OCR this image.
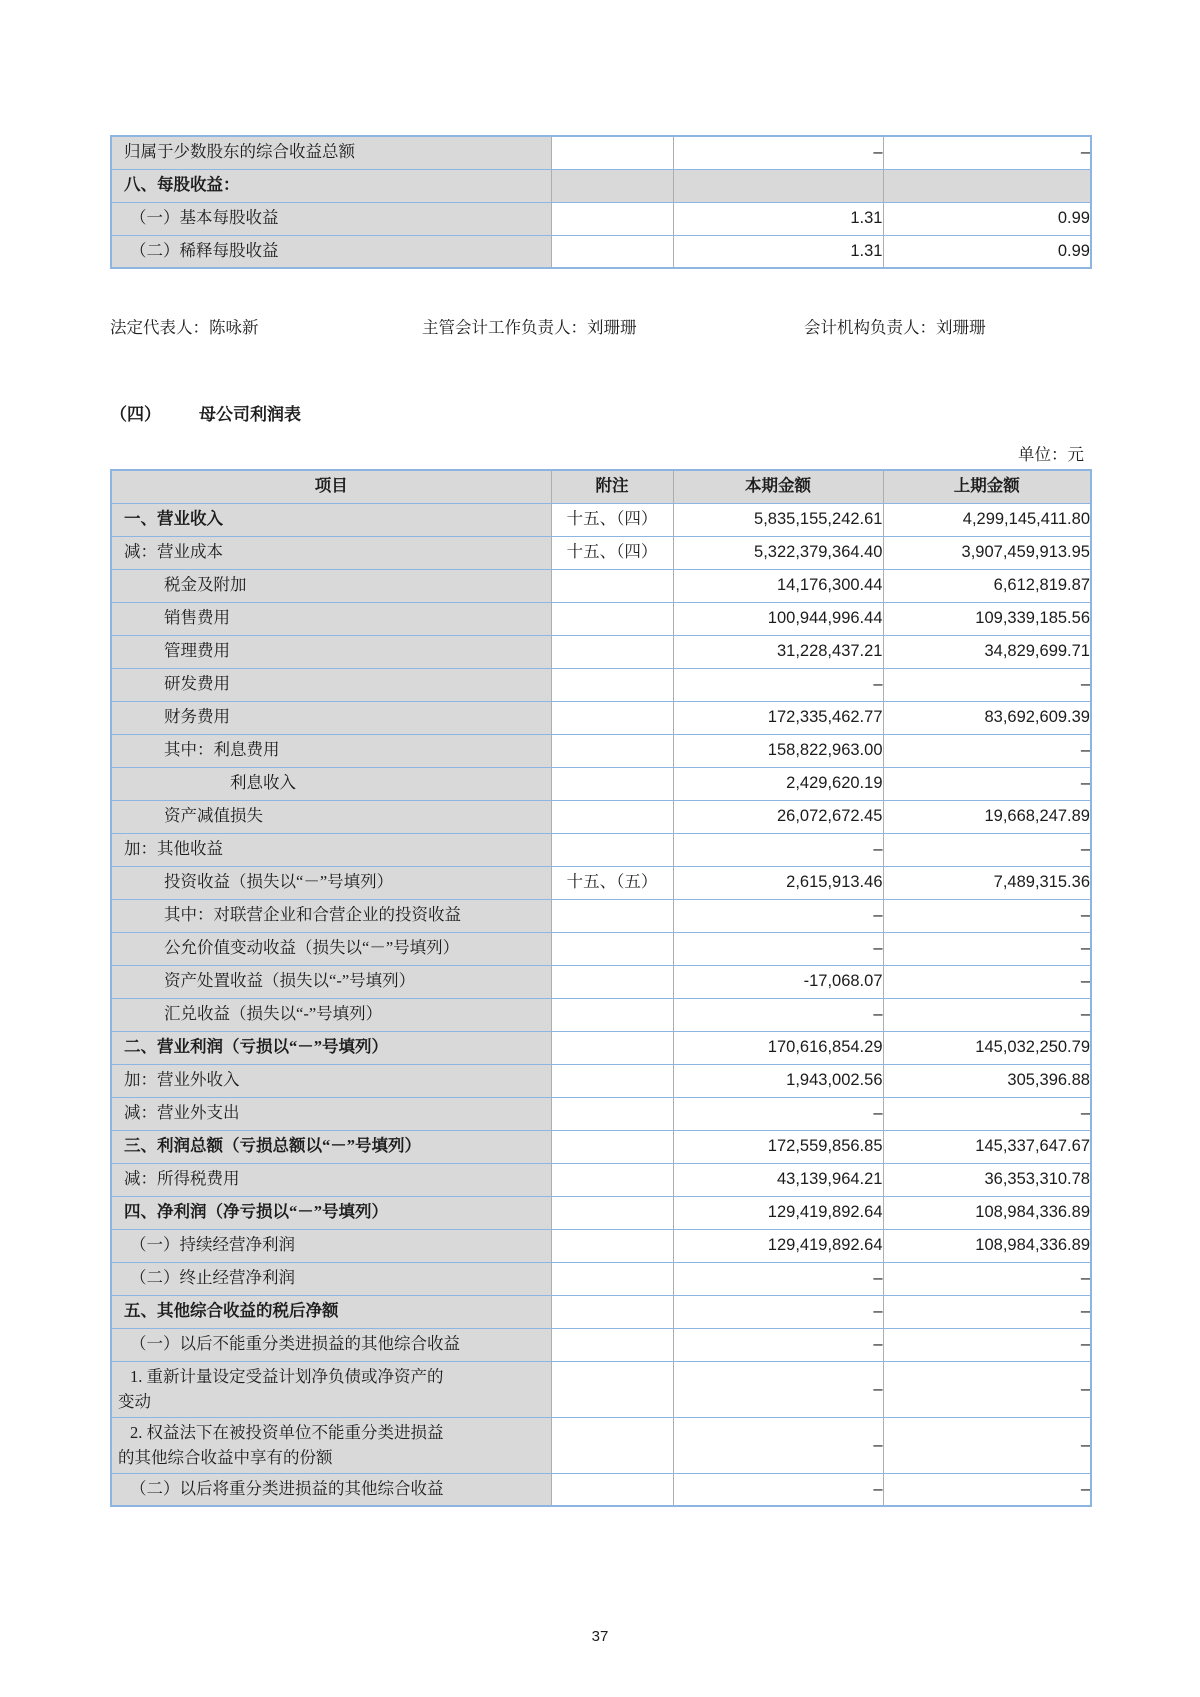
归属于少数股东的综合收益总额		–	–

八、每股收益：			

（一）基本每股收益		1.31	0.99

（二）稀释每股收益		1.31	0.99
法定代表人：陈咏新	主管会计工作负责人：刘珊珊	会计机构负责人：刘珊珊
（四） 母公司利润表
单位：元
项目	附注	本期金额	上期金额

一、营业收入	十五、（四）	5,835,155,242.61	4,299,145,411.80

减：营业成本	十五、（四）	5,322,379,364.40	3,907,459,913.95

税金及附加		14,176,300.44	6,612,819.87

销售费用		100,944,996.44	109,339,185.56

管理费用		31,228,437.21	34,829,699.71

研发费用		–	–

财务费用		172,335,462.77	83,692,609.39

其中：利息费用		158,822,963.00	–

利息收入		2,429,620.19	–

资产减值损失		26,072,672.45	19,668,247.89

加：其他收益		–	–

投资收益（损失以“－”号填列）	十五、（五）	2,615,913.46	7,489,315.36

其中：对联营企业和合营企业的投资收益		–	–

公允价值变动收益（损失以“－”号填列）		–	–

资产处置收益（损失以“-”号填列）		-17,068.07	–

汇兑收益（损失以“-”号填列）		–	–

二、营业利润（亏损以“－”号填列）		170,616,854.29	145,032,250.79

加：营业外收入		1,943,002.56	305,396.88

减：营业外支出		–	–

三、利润总额（亏损总额以“－”号填列）		172,559,856.85	145,337,647.67

减：所得税费用		43,139,964.21	36,353,310.78

四、净利润（净亏损以“－”号填列）		129,419,892.64	108,984,336.89

（一）持续经营净利润		129,419,892.64	108,984,336.89

（二）终止经营净利润		–	–

五、其他综合收益的税后净额		–	–

（一）以后不能重分类进损益的其他综合收益		–	–

1. 重新计量设定受益计划净负债或净资产的变动		–	–

2. 权益法下在被投资单位不能重分类进损益的其他综合收益中享有的份额		–	–

（二）以后将重分类进损益的其他综合收益		–	–
37
